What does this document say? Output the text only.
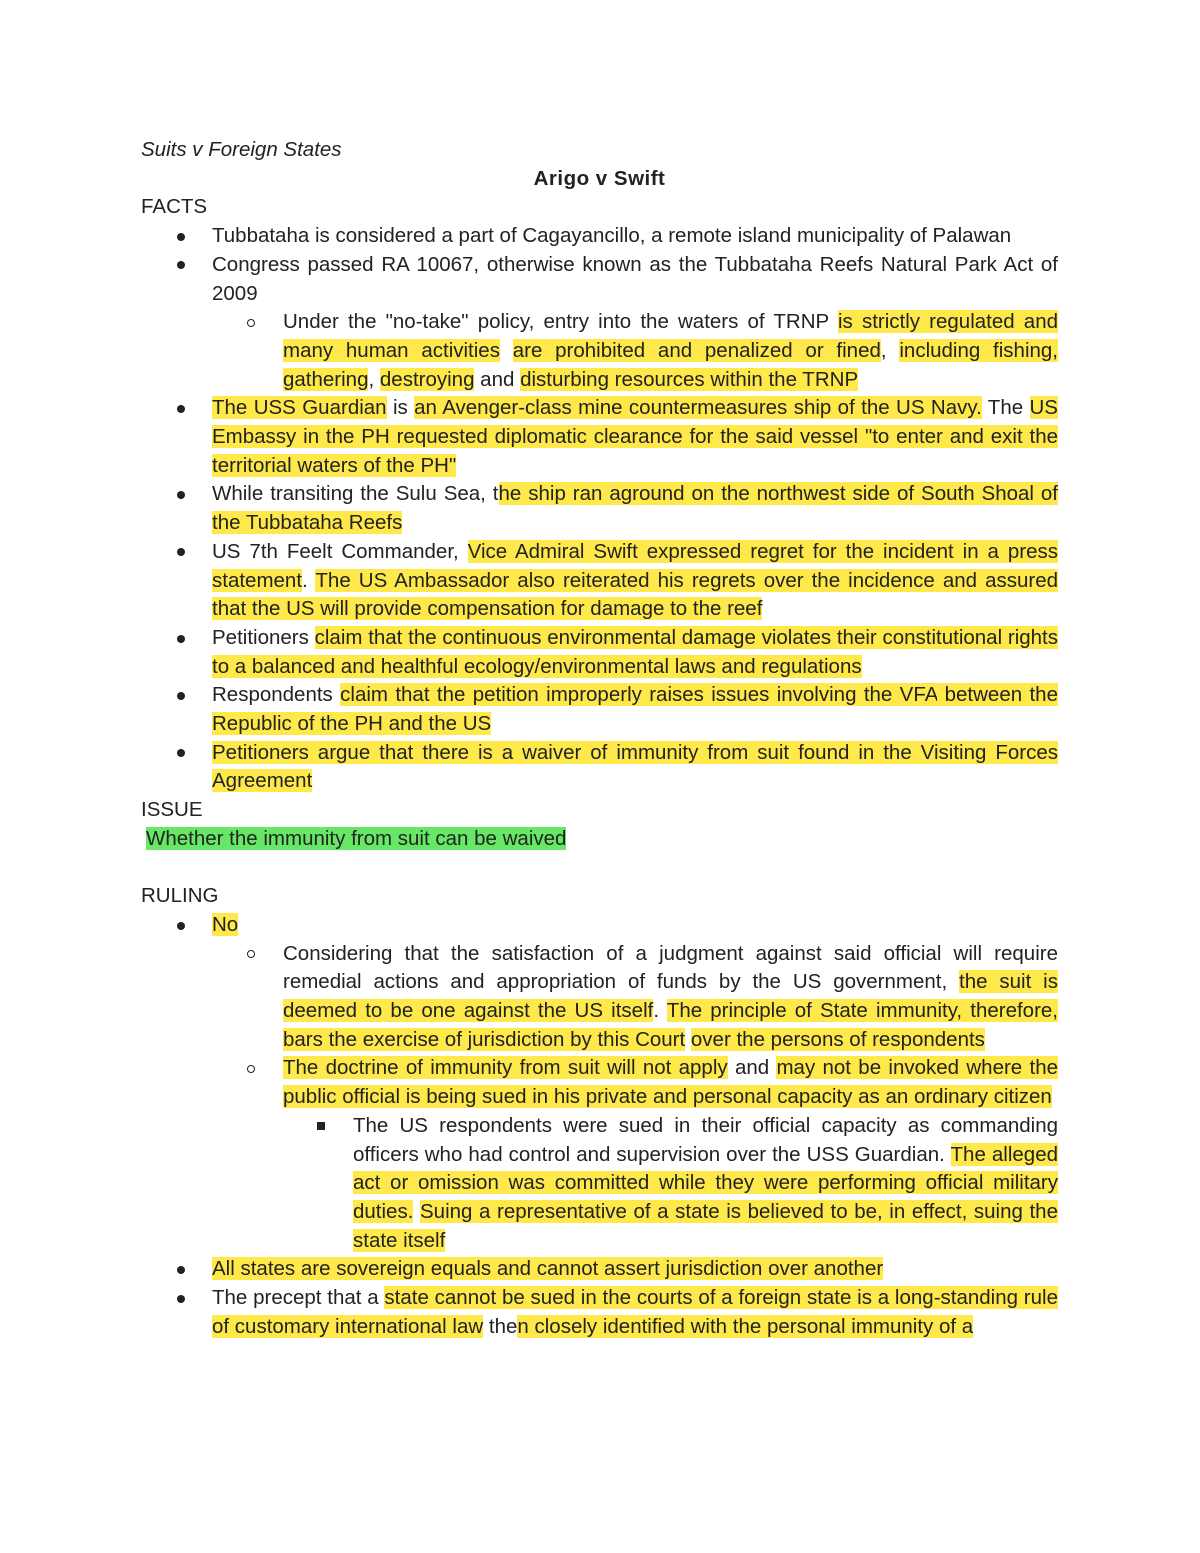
Suits v Foreign States

Arigo v Swift

FACTS

Tubbataha is considered a part of Cagayancillo, a remote island municipality of Palawan
Congress passed RA 10067, otherwise known as the Tubbataha Reefs Natural Park Act of 2009
Under the "no-take" policy, entry into the waters of TRNP is strictly regulated and many human activities are prohibited and penalized or fined, including fishing, gathering, destroying and disturbing resources within the TRNP
The USS Guardian is an Avenger-class mine countermeasures ship of the US Navy. The US Embassy in the PH requested diplomatic clearance for the said vessel "to enter and exit the territorial waters of the PH"
While transiting the Sulu Sea, the ship ran aground on the northwest side of South Shoal of the Tubbataha Reefs
US 7th Feelt Commander, Vice Admiral Swift expressed regret for the incident in a press statement. The US Ambassador also reiterated his regrets over the incidence and assured that the US will provide compensation for damage to the reef
Petitioners claim that the continuous environmental damage violates their constitutional rights to a balanced and healthful ecology/environmental laws and regulations
Respondents claim that the petition improperly raises issues involving the VFA between the Republic of the PH and the US
Petitioners argue that there is a waiver of immunity from suit found in the Visiting Forces Agreement

ISSUE

Whether the immunity from suit can be waived

RULING

No
Considering that the satisfaction of a judgment against said official will require remedial actions and appropriation of funds by the US government, the suit is deemed to be one against the US itself. The principle of State immunity, therefore, bars the exercise of jurisdiction by this Court over the persons of respondents
The doctrine of immunity from suit will not apply and may not be invoked where the public official is being sued in his private and personal capacity as an ordinary citizen
The US respondents were sued in their official capacity as commanding officers who had control and supervision over the USS Guardian. The alleged act or omission was committed while they were performing official military duties. Suing a representative of a state is believed to be, in effect, suing the state itself
All states are sovereign equals and cannot assert jurisdiction over another
The precept that a state cannot be sued in the courts of a foreign state is a long-standing rule of customary international law then closely identified with the personal immunity of a
